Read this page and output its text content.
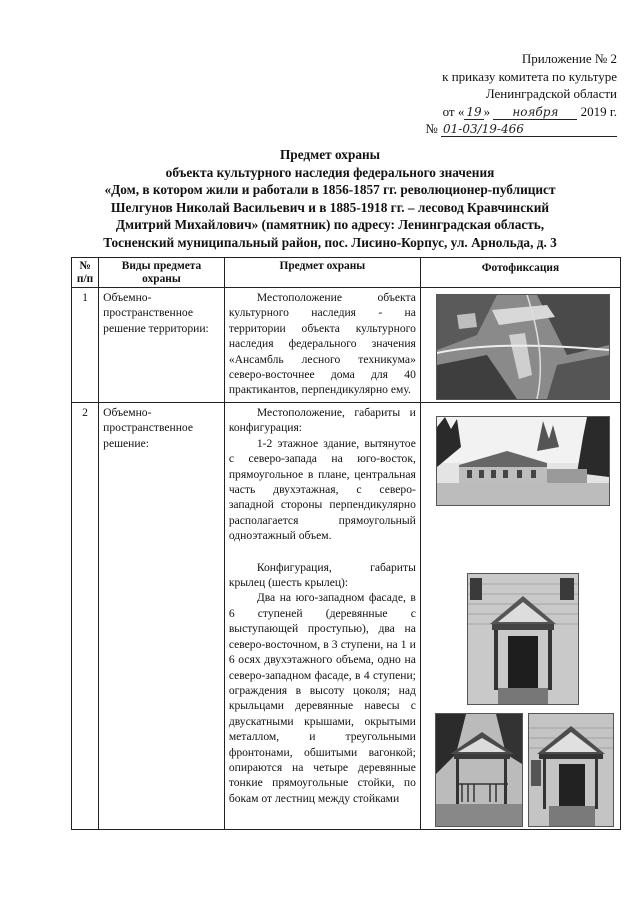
Приложение № 2
к приказу комитета по культуре
Ленинградской области
от « 19 » ноября 2019 г.
№ 01-03/19-466
Предмет охраны
объекта культурного наследия федерального значения
«Дом, в котором жили и работали в 1856-1857 гг. революционер-публицист
Шелгунов Николай Васильевич и в 1885-1918 гг. – лесовод Кравчинский
Дмитрий Михайлович» (памятник) по адресу: Ленинградская область,
Тосненский муниципальный район, пос. Лисино-Корпус, ул. Арнольда, д. 3
№ п/п	Виды предмета охраны	Предмет охраны	Фотофиксация
1	Объемно-пространственное решение территории:	Местоположение объекта культурного наследия - на территории объекта культурного наследия федерального значения «Ансамбль лесного техникума» северо-восточнее дома для 40 практикантов, перпендикулярно ему.	

2	Объемно-пространственное решение:	Местоположение, габариты и конфигурация:
1-2 этажное здание, вытянутое с северо-запада на юго-восток, прямоугольное в плане, центральная часть двухэтажная, с северо-западной стороны перпендикулярно располагается прямоугольный одноэтажный объем.
Конфигурация, габариты крылец (шесть крылец):
Два на юго-западном фасаде, в 6 ступеней (деревянные с выступающей проступью), два на северо-восточном, в 3 ступени, на 1 и 6 осях двухэтажного объема, одно на северо-западном фасаде, в 4 ступени; ограждения в высоту цоколя; над крыльцами деревянные навесы с двускатными крышами, окрытыми металлом, и треугольными фронтонами, обшитыми вагонкой; опираются на четыре деревянные тонкие прямоугольные стойки, по бокам от лестниц между стойками	
